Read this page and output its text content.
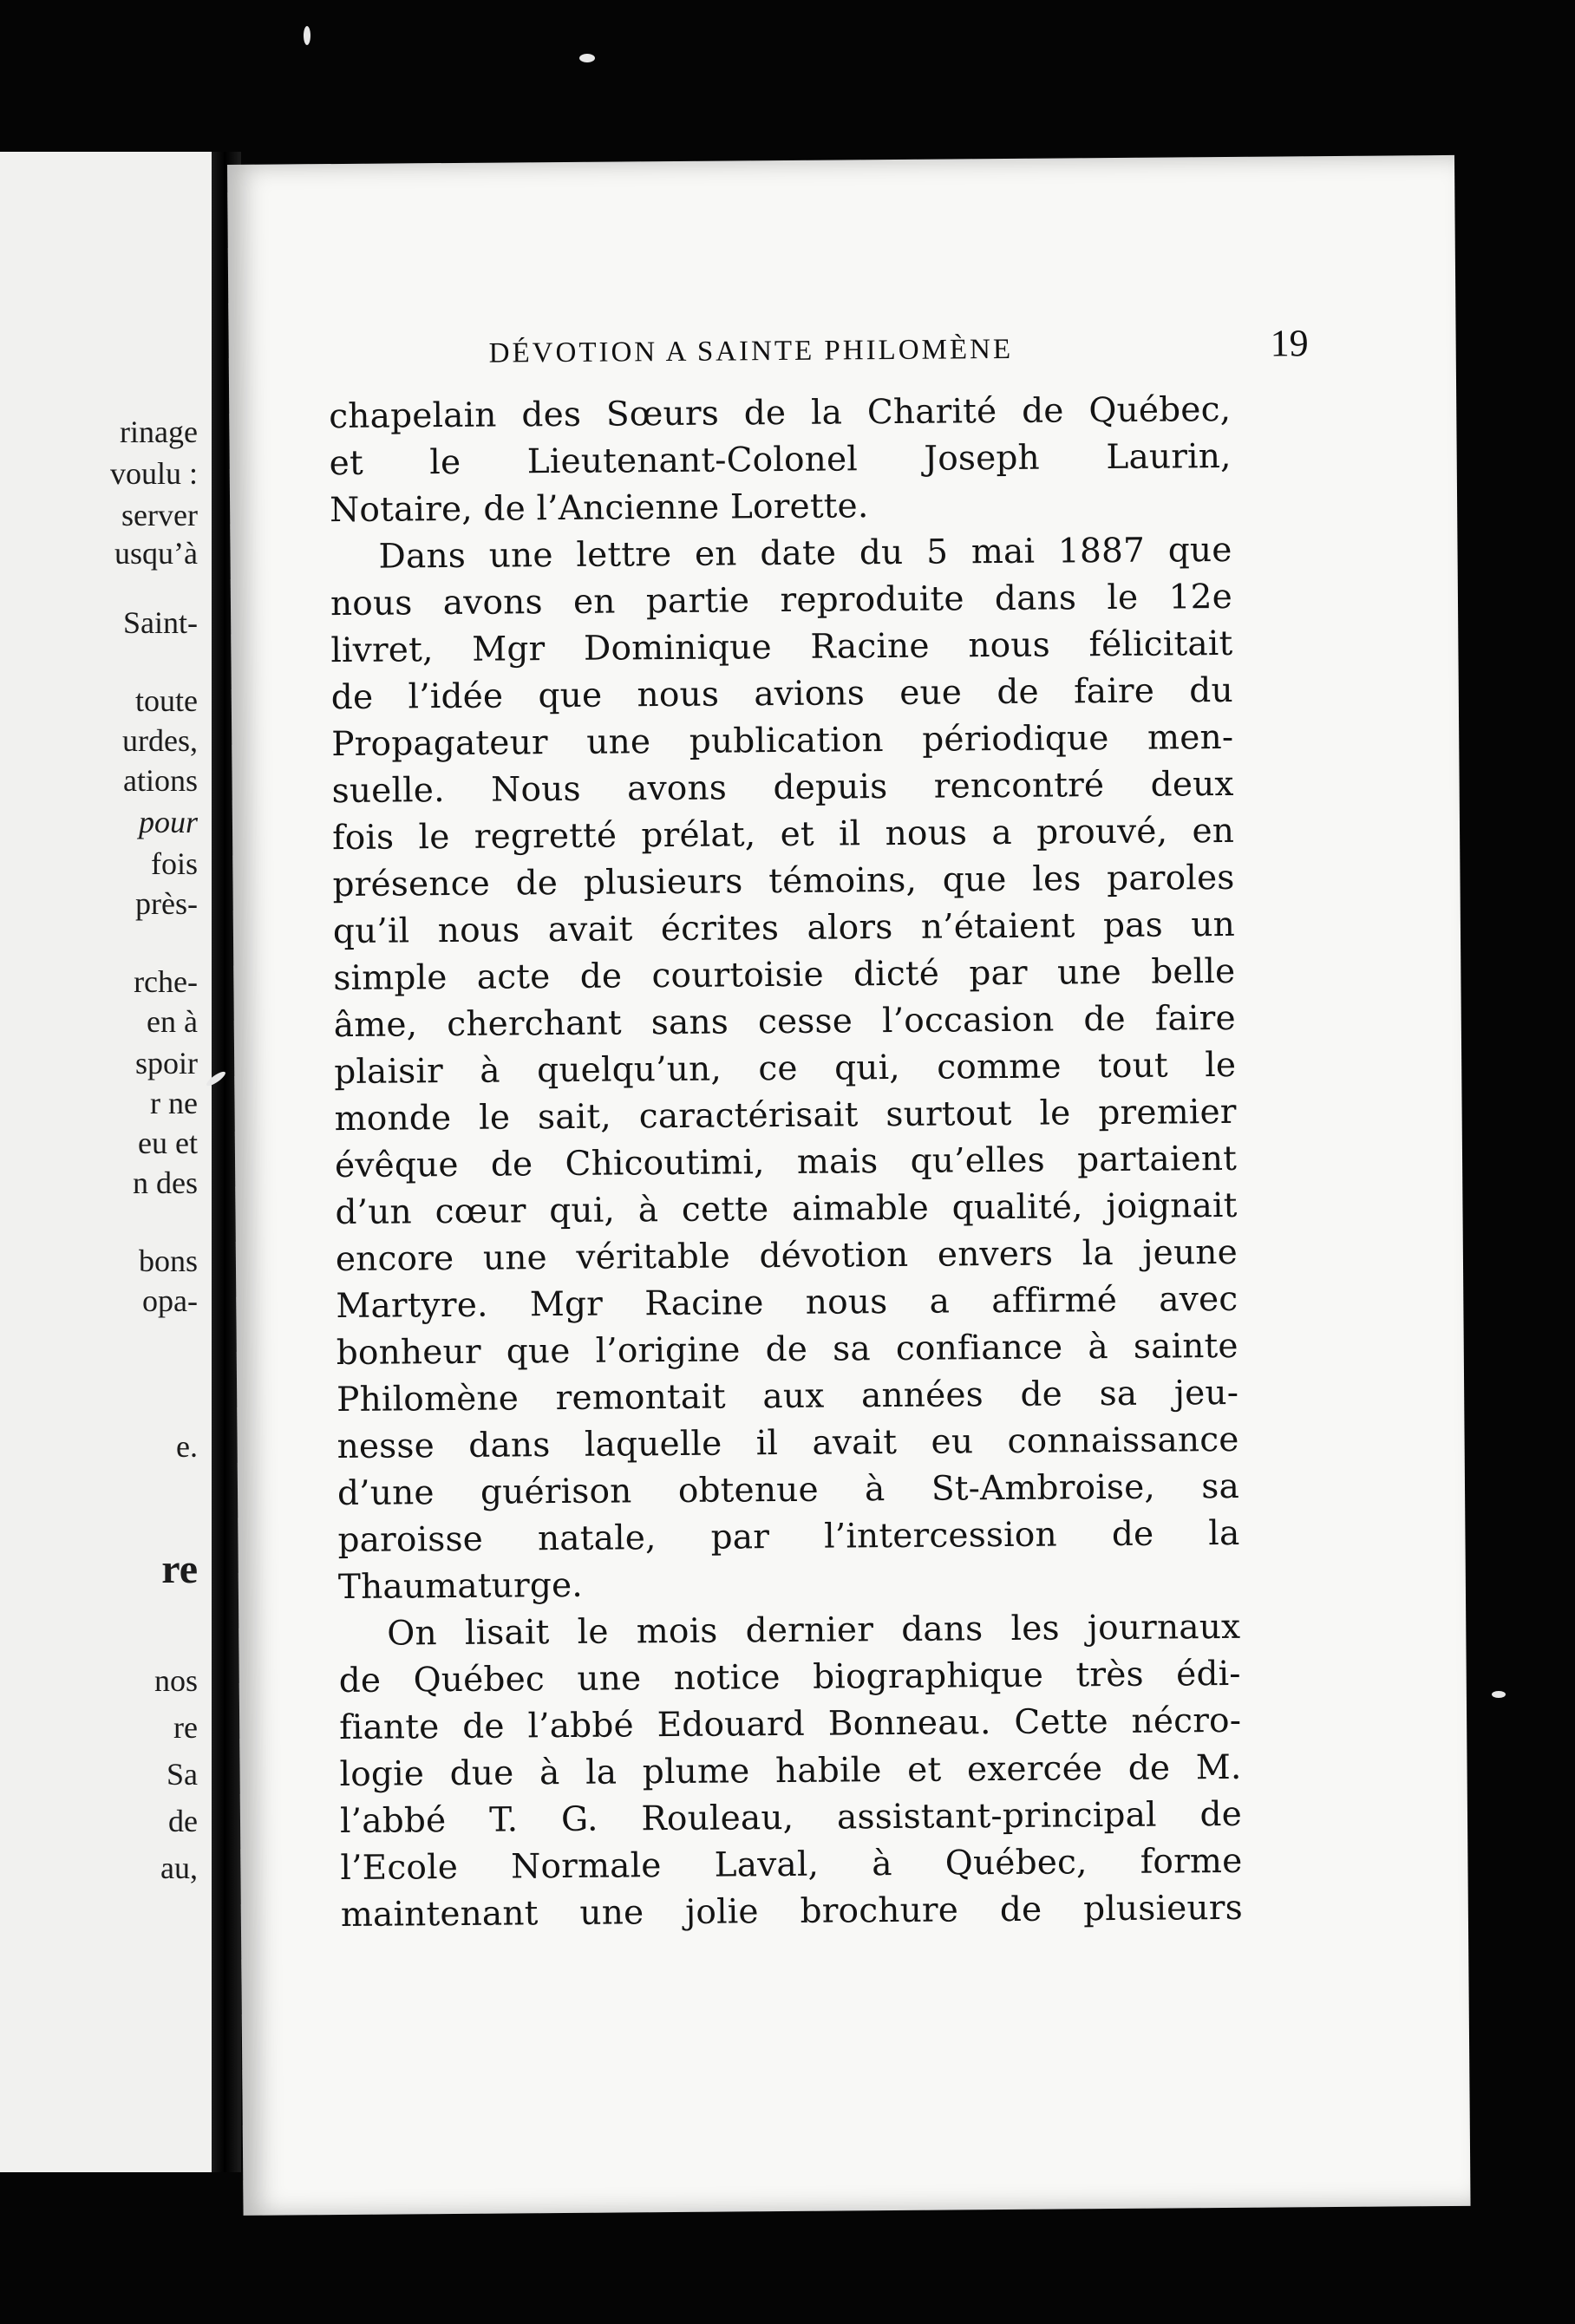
rinage

voulu :

server

usqu’à

Saint-

toute

urdes,

ations

pour

fois

près-

rche-

en à

spoir

r ne

eu et

n des

bons

opa-

e.

re

nos

re

Sa

de

au,

DÉVOTION A SAINTE PHILOMÈNE	19
chapelain des Sœurs de la Charité de Québec,
et le Lieutenant-Colonel Joseph Laurin,
Notaire, de l’Ancienne Lorette.
Dans une lettre en date du 5 mai 1887 que
nous avons en partie reproduite dans le 12e
livret, Mgr Dominique Racine nous félicitait
de l’idée que nous avions eue de faire du
Propagateur une publication périodique men-
suelle. Nous avons depuis rencontré deux
fois le regretté prélat, et il nous a prouvé, en
présence de plusieurs témoins, que les paroles
qu’il nous avait écrites alors n’étaient pas un
simple acte de courtoisie dicté par une belle
âme, cherchant sans cesse l’occasion de faire
plaisir à quelqu’un, ce qui, comme tout le
monde le sait, caractérisait surtout le premier
évêque de Chicoutimi, mais qu’elles partaient
d’un cœur qui, à cette aimable qualité, joignait
encore une véritable dévotion envers la jeune
Martyre. Mgr Racine nous a affirmé avec
bonheur que l’origine de sa confiance à sainte
Philomène remontait aux années de sa jeu-
nesse dans laquelle il avait eu connaissance
d’une guérison obtenue à St-Ambroise, sa
paroisse natale, par l’intercession de la
Thaumaturge.
On lisait le mois dernier dans les journaux
de Québec une notice biographique très édi-
fiante de l’abbé Edouard Bonneau. Cette nécro-
logie due à la plume habile et exercée de M.
l’abbé T. G. Rouleau, assistant-principal de
l’Ecole Normale Laval, à Québec, forme
maintenant une jolie brochure de plusieurs
